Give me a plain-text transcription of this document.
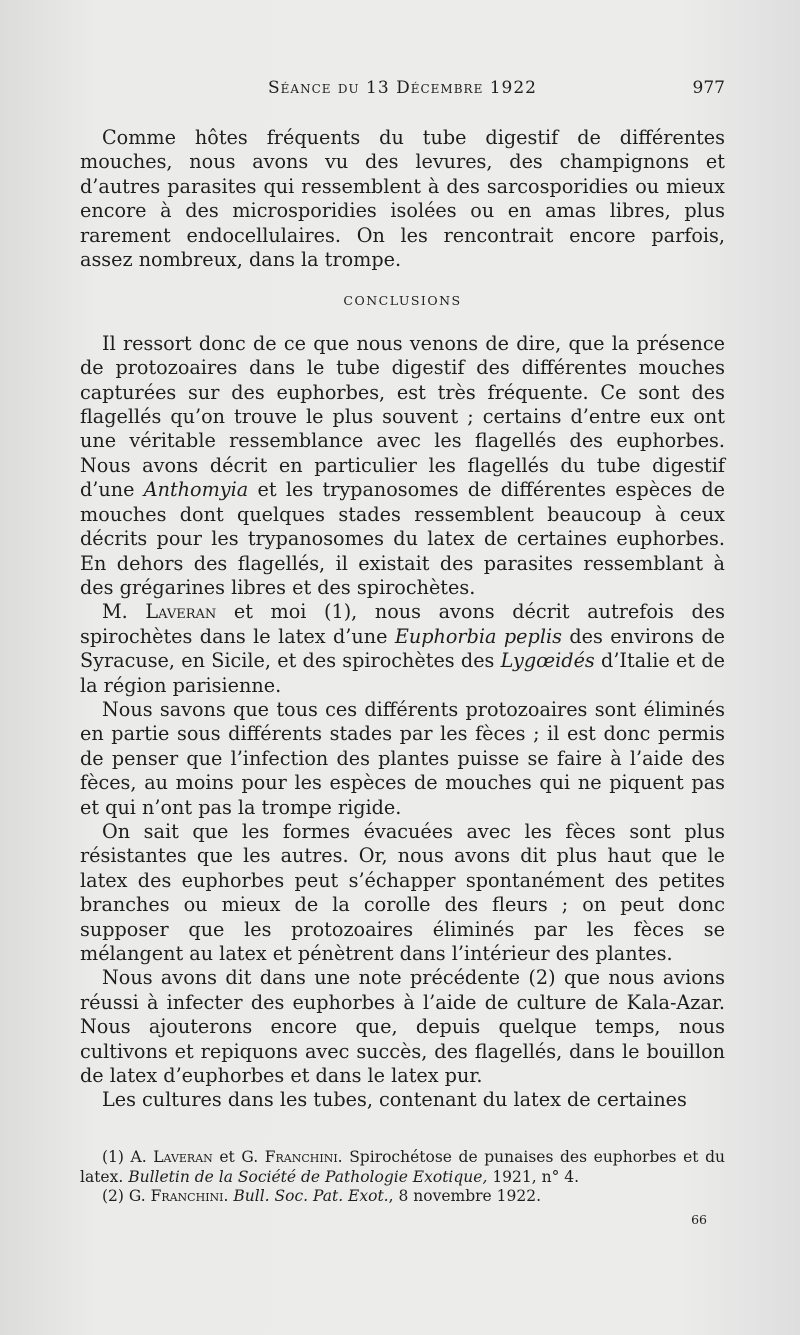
Séance du 13 Décembre 1922	977

Comme hôtes fréquents du tube digestif de différentes mouches, nous avons vu des levures, des champignons et d’autres parasites qui ressemblent à des sarcosporidies ou mieux encore à des microsporidies isolées ou en amas libres, plus rarement endocellulaires. On les rencontrait encore parfois, assez nombreux, dans la trompe.

CONCLUSIONS

Il ressort donc de ce que nous venons de dire, que la présence de protozoaires dans le tube digestif des différentes mouches capturées sur des euphorbes, est très fréquente. Ce sont des flagellés qu’on trouve le plus souvent ; certains d’entre eux ont une véritable ressemblance avec les flagellés des euphorbes. Nous avons décrit en particulier les flagellés du tube digestif d’une Anthomyia et les trypanosomes de différentes espèces de mouches dont quelques stades ressemblent beaucoup à ceux décrits pour les trypanosomes du latex de certaines euphorbes. En dehors des flagellés, il existait des parasites ressemblant à des grégarines libres et des spirochètes.

M. Laveran et moi (1), nous avons décrit autrefois des spirochètes dans le latex d’une Euphorbia peplis des environs de Syracuse, en Sicile, et des spirochètes des Lygœidés d’Italie et de la région parisienne.

Nous savons que tous ces différents protozoaires sont éliminés en partie sous différents stades par les fèces ; il est donc permis de penser que l’infection des plantes puisse se faire à l’aide des fèces, au moins pour les espèces de mouches qui ne piquent pas et qui n’ont pas la trompe rigide.

On sait que les formes évacuées avec les fèces sont plus résistantes que les autres. Or, nous avons dit plus haut que le latex des euphorbes peut s’échapper spontanément des petites branches ou mieux de la corolle des fleurs ; on peut donc supposer que les protozoaires éliminés par les fèces se mélangent au latex et pénètrent dans l’intérieur des plantes.

Nous avons dit dans une note précédente (2) que nous avions réussi à infecter des euphorbes à l’aide de culture de Kala-Azar. Nous ajouterons encore que, depuis quelque temps, nous cultivons et repiquons avec succès, des flagellés, dans le bouillon de latex d’euphorbes et dans le latex pur.

Les cultures dans les tubes, contenant du latex de certaines

(1) A. Laveran et G. Franchini. Spirochétose de punaises des euphorbes et du latex. Bulletin de la Société de Pathologie Exotique, 1921, n° 4.

(2) G. Franchini. Bull. Soc. Pat. Exot., 8 novembre 1922.

66
